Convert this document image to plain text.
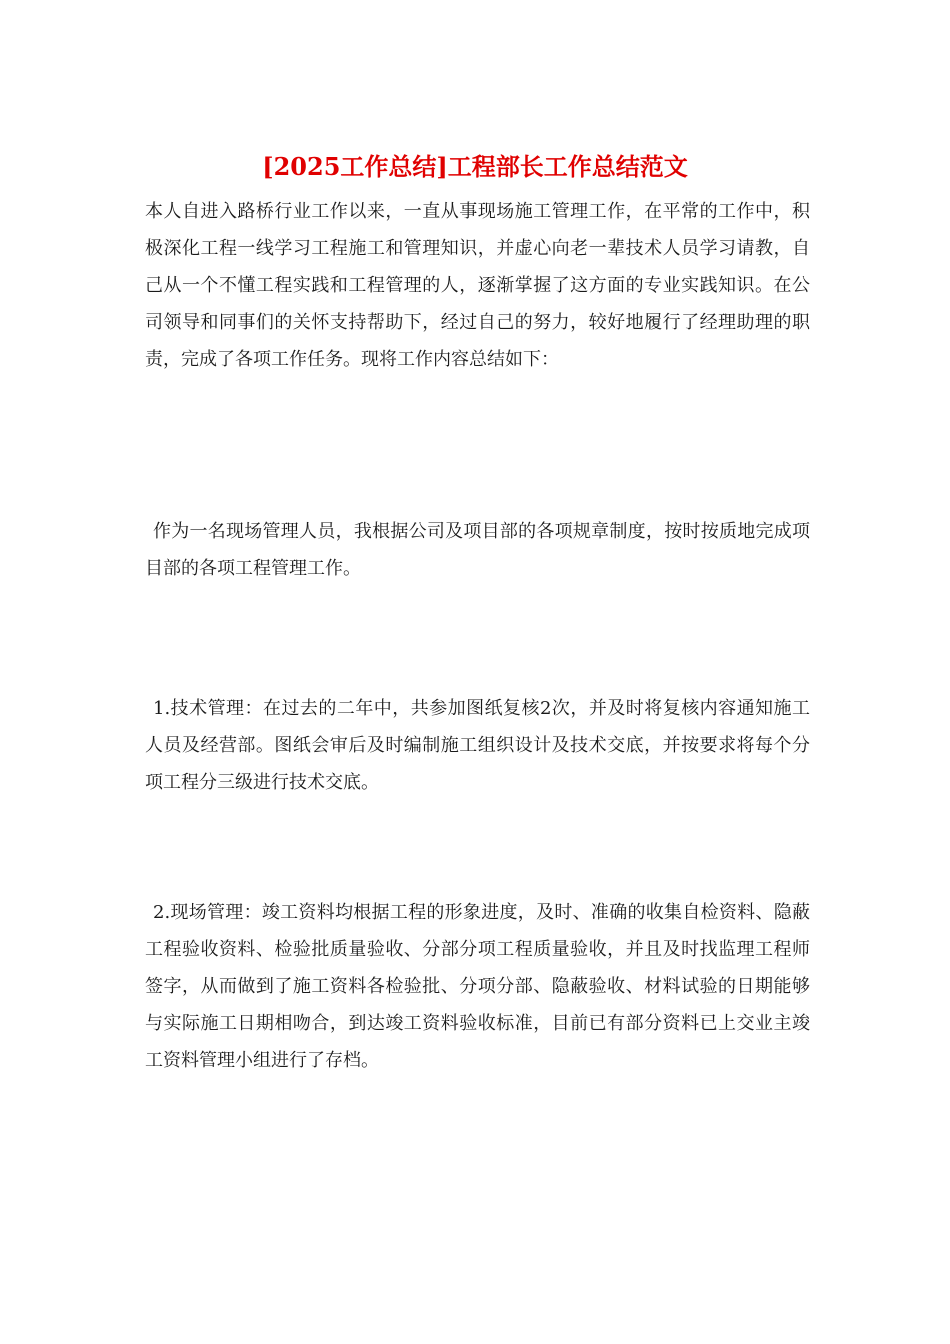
[2025工作总结]工程部长工作总结范文

本人自进入路桥行业工作以来，一直从事现场施工管理工作，在平常的工作中，积极深化工程一线学习工程施工和管理知识，并虚心向老一辈技术人员学习请教，自己从一个不懂工程实践和工程管理的人，逐渐掌握了这方面的专业实践知识。在公司领导和同事们的关怀支持帮助下，经过自己的努力，较好地履行了经理助理的职责，完成了各项工作任务。现将工作内容总结如下：

作为一名现场管理人员，我根据公司及项目部的各项规章制度，按时按质地完成项目部的各项工程管理工作。

1.技术管理：在过去的二年中，共参加图纸复核2次，并及时将复核内容通知施工人员及经营部。图纸会审后及时编制施工组织设计及技术交底，并按要求将每个分项工程分三级进行技术交底。

2.现场管理：竣工资料均根据工程的形象进度，及时、准确的收集自检资料、隐蔽工程验收资料、检验批质量验收、分部分项工程质量验收，并且及时找监理工程师签字，从而做到了施工资料各检验批、分项分部、隐蔽验收、材料试验的日期能够与实际施工日期相吻合，到达竣工资料验收标准，目前已有部分资料已上交业主竣工资料管理小组进行了存档。
